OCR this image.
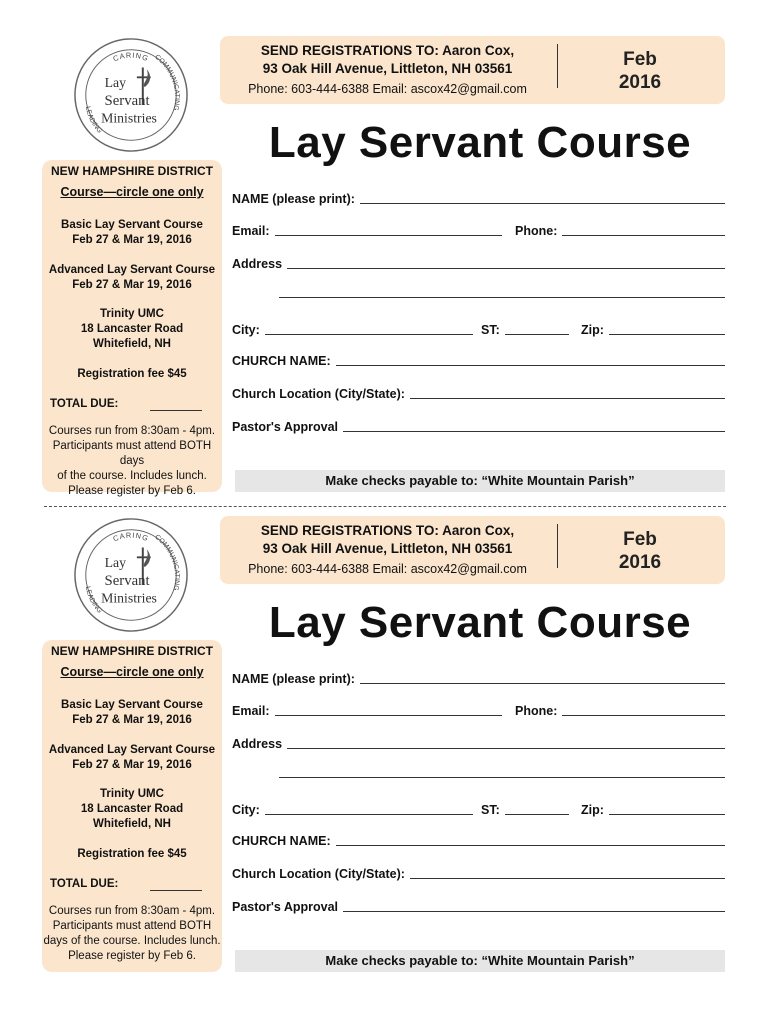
CARING COMMUNICATING
LEADING
Lay
Servant
Ministries
SEND REGISTRATIONS TO: Aaron Cox,
93 Oak Hill Avenue, Littleton, NH 03561
Phone: 603-444-6388 Email: ascox42@gmail.com
Feb
2016
Lay Servant Course
NEW HAMPSHIRE DISTRICT
Course—circle one only
Basic Lay Servant Course
Feb 27 & Mar 19, 2016
Advanced Lay Servant Course
Feb 27 & Mar 19, 2016
Trinity UMC
18 Lancaster Road
Whitefield, NH
Registration fee $45
TOTAL DUE:
Courses run from 8:30am - 4pm.
Participants must attend BOTH days
of the course. Includes lunch.
Please register by Feb 6.
NAME (please print):
Email:	Phone:
Address
City:	ST:	Zip:
CHURCH NAME:
Church Location (City/State):
Pastor's Approval
Make checks payable to: “White Mountain Parish”
CARING COMMUNICATING
LEADING
Lay
Servant
Ministries
SEND REGISTRATIONS TO: Aaron Cox,
93 Oak Hill Avenue, Littleton, NH 03561
Phone: 603-444-6388 Email: ascox42@gmail.com
Feb
2016
Lay Servant Course
NEW HAMPSHIRE DISTRICT
Course—circle one only
Basic Lay Servant Course
Feb 27 & Mar 19, 2016
Advanced Lay Servant Course
Feb 27 & Mar 19, 2016
Trinity UMC
18 Lancaster Road
Whitefield, NH
Registration fee $45
TOTAL DUE:
Courses run from 8:30am - 4pm.
Participants must attend BOTH
days of the course. Includes lunch.
Please register by Feb 6.
NAME (please print):
Email:	Phone:
Address
City:	ST:	Zip:
CHURCH NAME:
Church Location (City/State):
Pastor's Approval
Make checks payable to: “White Mountain Parish”
